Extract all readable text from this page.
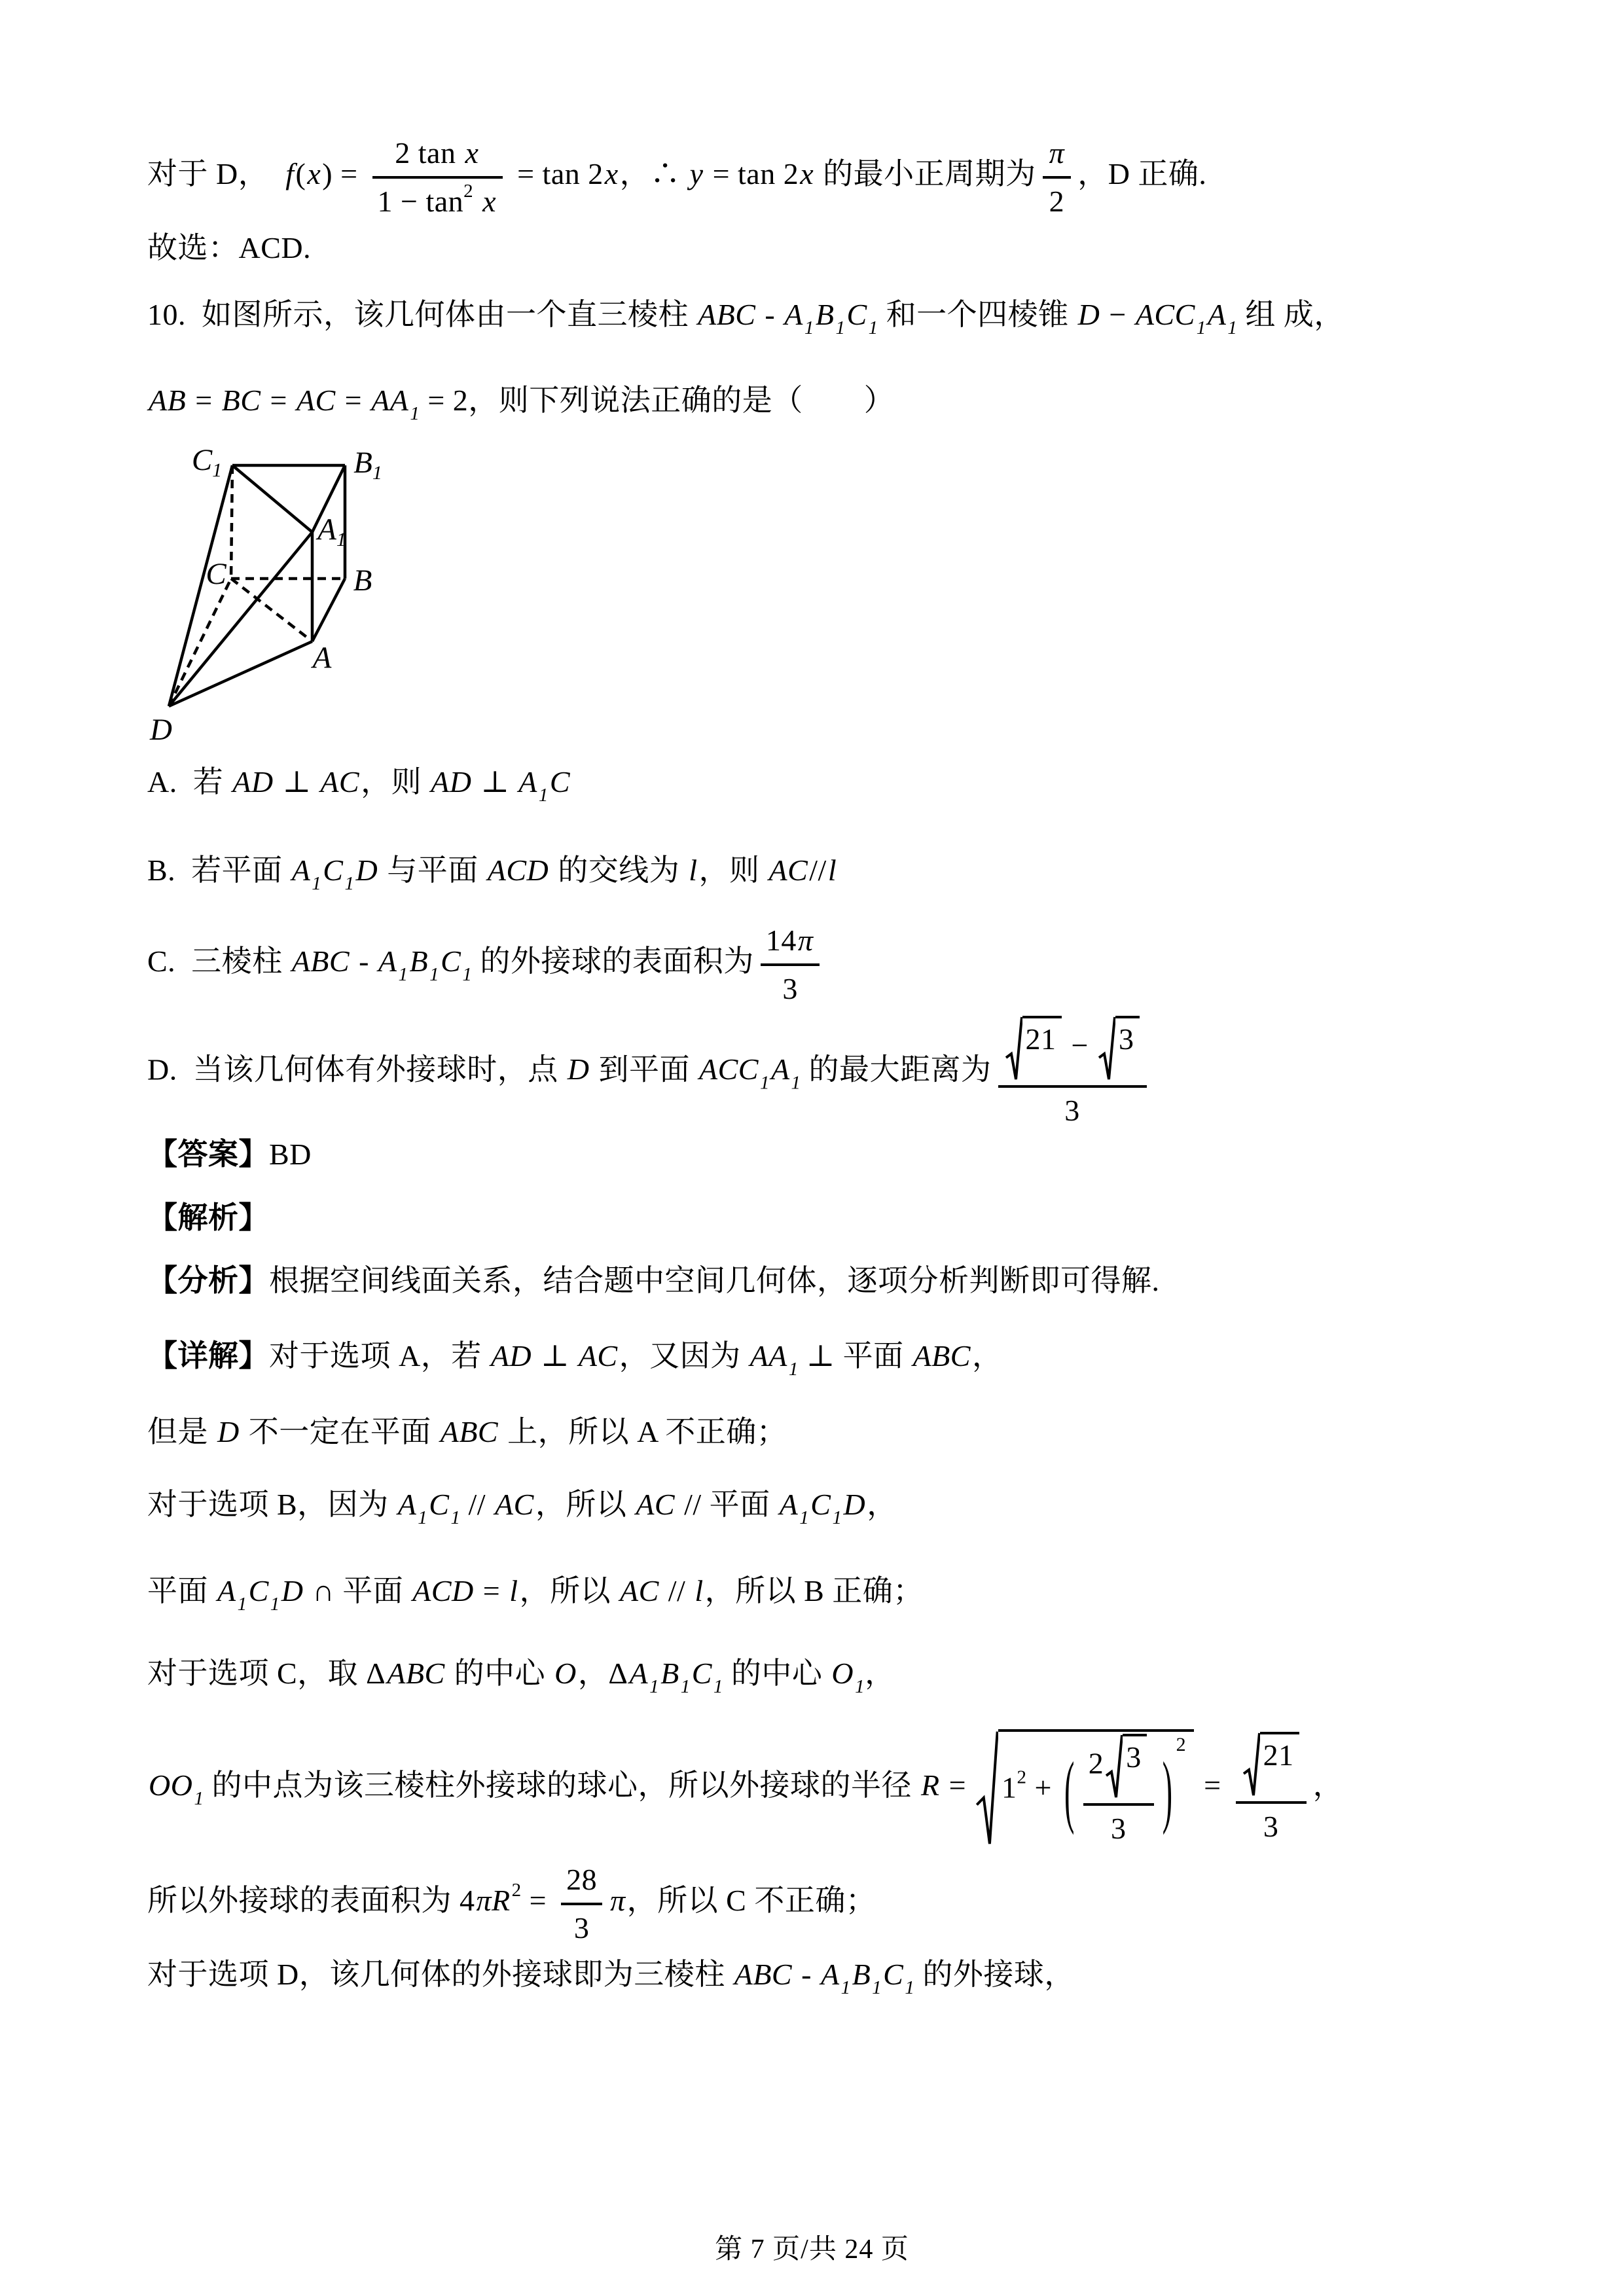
对于 D，  $f(x) = \frac{\text{2 tan x}}{1 - \tan^2 x} = \tan 2x$，∴ y = tan 2x 的最小正周期为 $\frac{\pi}{2}$ ，D 正确.
故选：ACD.
10.  如图所示，该几何体由一个直三棱柱 ABC - $A_1B_1C_1$ 和一个四棱锥 $D - ACC_1A_1$ 组 成，
AB = BC = AC = $AA_1 = 2$，则下列说法正确的是（　　）
$C_1$	$B_1$
$A_1$
C	B
A
D
A.  若 AD ⊥ AC，则 AD ⊥ $A_1C$
B.  若平面 $A_1C_1D$ 与平面 ACD 的交线为 l，则 AC//l
C.  三棱柱 ABC - $A_1B_1C_1$ 的外接球的表面积为 $\frac{14\pi}{3}$
D.  当该几何体有外接球时，点 D 到平面 $ACC_1A_1$ 的最大距离为 $\frac{21 - 3}{3}$
【答案】BD
【解析】
【分析】根据空间线面关系，结合题中空间几何体，逐项分析判断即可得解.
【详解】对于选项 A，若 AD ⊥ AC，又因为 $AA_1$ ⊥ 平面 ABC，
但是 D 不一定在平面 ABC 上，所以 A 不正确；
对于选项 B，因为 $A_1C_1$ // AC，所以 AC // 平面 $A_1C_1D$，
平面 $A_1C_1D$ ∩ 平面 ACD = l，所以 AC // l，所以 B 正确；
对于选项 C，取 ΔABC 的中心 O，$\Delta A_1B_1C_1$ 的中心 $O_1$，
$OO_1$ 的中点为该三棱柱外接球的球心，所以外接球的半径 $R = 1^2$ + ( $\frac{2 3}{3}$ )
2
= $\frac{21}{3}$ ，
所以外接球的表面积为 $4\pi R^2 = \frac{28}{3}$ π，所以 C 不正确；
对于选项 D，该几何体的外接球即为三棱柱 ABC - $A_1B_1C_1$ 的外接球，
第 7 页/共 24 页
